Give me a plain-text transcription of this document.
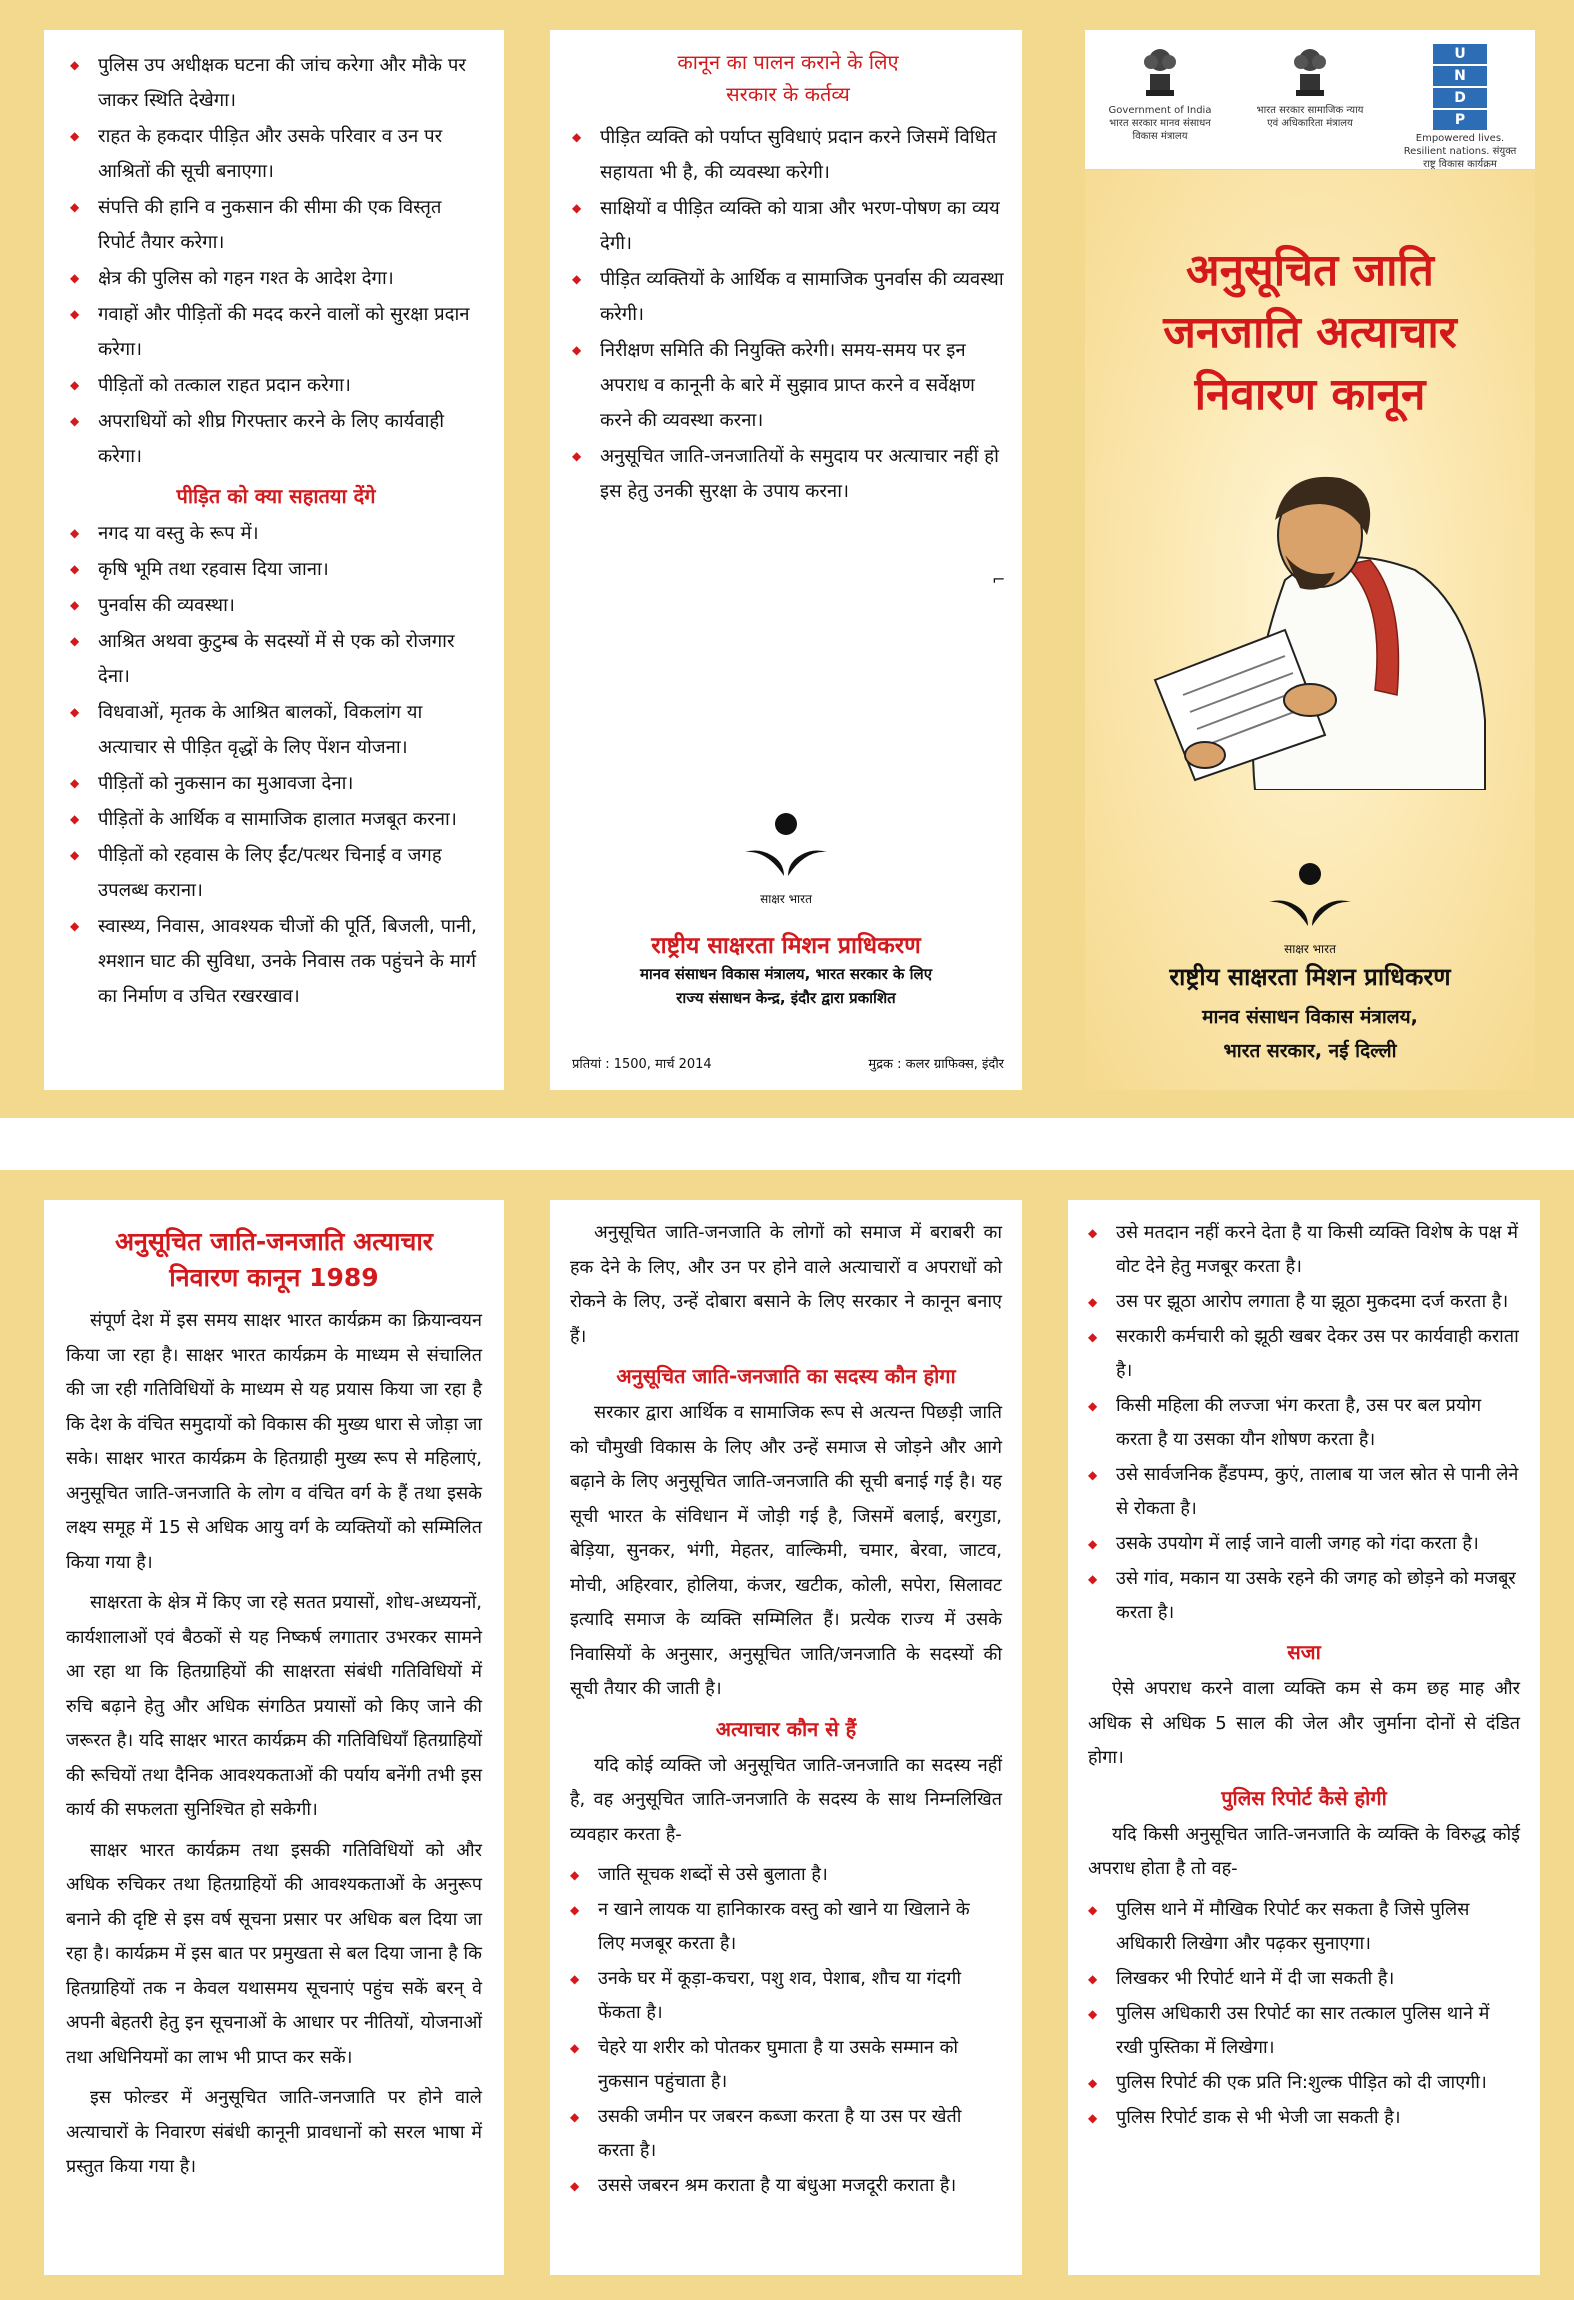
◆ पुलिस उप अधीक्षक घटना की जांच करेगा और मौके पर जाकर स्थिति देखेगा।
◆ राहत के हकदार पीड़ित और उसके परिवार व उन पर आश्रितों की सूची बनाएगा।
◆ संपत्ति की हानि व नुकसान की सीमा की एक विस्तृत रिपोर्ट तैयार करेगा।
◆ क्षेत्र की पुलिस को गहन गश्त के आदेश देगा।
◆ गवाहों और पीड़ितों की मदद करने वालों को सुरक्षा प्रदान करेगा।
◆ पीड़ितों को तत्काल राहत प्रदान करेगा।
◆ अपराधियों को शीघ्र गिरफ्तार करने के लिए कार्यवाही करेगा।
पीड़ित को क्या सहातया देंगे
◆ नगद या वस्तु के रूप में।
◆ कृषि भूमि तथा रहवास दिया जाना।
◆ पुनर्वास की व्यवस्था।
◆ आश्रित अथवा कुटुम्ब के सदस्यों में से एक को रोजगार देना।
◆ विधवाओं, मृतक के आश्रित बालकों, विकलांग या अत्याचार से पीड़ित वृद्धों के लिए पेंशन योजना।
◆ पीड़ितों को नुकसान का मुआवजा देना।
◆ पीड़ितों के आर्थिक व सामाजिक हालात मजबूत करना।
◆ पीड़ितों को रहवास के लिए ईंट/पत्थर चिनाई व जगह उपलब्ध कराना।
◆ स्वास्थ्य, निवास, आवश्यक चीजों की पूर्ति, बिजली, पानी, श्मशान घाट की सुविधा, उनके निवास तक पहुंचने के मार्ग का निर्माण व उचित रखरखाव।
कानून का पालन कराने के लिए
सरकार के कर्तव्य
◆ पीड़ित व्यक्ति को पर्याप्त सुविधाएं प्रदान करने जिसमें विधित सहायता भी है, की व्यवस्था करेगी।
◆ साक्षियों व पीड़ित व्यक्ति को यात्रा और भरण-पोषण का व्यय देगी।
◆ पीड़ित व्यक्तियों के आर्थिक व सामाजिक पुनर्वास की व्यवस्था करेगी।
◆ निरीक्षण समिति की नियुक्ति करेगी। समय-समय पर इन अपराध व कानूनी के बारे में सुझाव प्राप्त करने व सर्वेक्षण करने की व्यवस्था करना।
◆ अनुसूचित जाति-जनजातियों के समुदाय पर अत्याचार नहीं हो इस हेतु उनकी सुरक्षा के उपाय करना।
⌐
साक्षर भारत
राष्ट्रीय साक्षरता मिशन प्राधिकरण
मानव संसाधन विकास मंत्रालय, भारत सरकार के लिए
राज्य संसाधन केन्द्र, इंदौर द्वारा प्रकाशित
प्रतियां : 1500, मार्च 2014	मुद्रक : कलर ग्राफिक्स, इंदौर
Government of India भारत सरकार मानव संसाधन विकास मंत्रालय
भारत सरकार सामाजिक न्याय एवं अधिकारिता मंत्रालय
U
N
D
P
Empowered lives. Resilient nations. संयुक्त राष्ट्र विकास कार्यक्रम
अनुसूचित जाति
जनजाति अत्याचार
निवारण कानून
साक्षर भारत
राष्ट्रीय साक्षरता मिशन प्राधिकरण
मानव संसाधन विकास मंत्रालय,
भारत सरकार, नई दिल्ली
अनुसूचित जाति-जनजाति अत्याचार
निवारण कानून 1989

संपूर्ण देश में इस समय साक्षर भारत कार्यक्रम का क्रियान्वयन किया जा रहा है। साक्षर भारत कार्यक्रम के माध्यम से संचालित की जा रही गतिविधियों के माध्यम से यह प्रयास किया जा रहा है कि देश के वंचित समुदायों को विकास की मुख्य धारा से जोड़ा जा सके। साक्षर भारत कार्यक्रम के हितग्राही मुख्य रूप से महिलाएं, अनुसूचित जाति-जनजाति के लोग व वंचित वर्ग के हैं तथा इसके लक्ष्य समूह में 15 से अधिक आयु वर्ग के व्यक्तियों को सम्मिलित किया गया है।

साक्षरता के क्षेत्र में किए जा रहे सतत प्रयासों, शोध-अध्ययनों, कार्यशालाओं एवं बैठकों से यह निष्कर्ष लगातार उभरकर सामने आ रहा था कि हितग्राहियों की साक्षरता संबंधी गतिविधियों में रुचि बढ़ाने हेतु और अधिक संगठित प्रयासों को किए जाने की जरूरत है। यदि साक्षर भारत कार्यक्रम की गतिविधियाँ हितग्राहियों की रूचियों तथा दैनिक आवश्यकताओं की पर्याय बनेंगी तभी इस कार्य की सफलता सुनिश्चित हो सकेगी।

साक्षर भारत कार्यक्रम तथा इसकी गतिविधियों को और अधिक रुचिकर तथा हितग्राहियों की आवश्यकताओं के अनुरूप बनाने की दृष्टि से इस वर्ष सूचना प्रसार पर अधिक बल दिया जा रहा है। कार्यक्रम में इस बात पर प्रमुखता से बल दिया जाना है कि हितग्राहियों तक न केवल यथासमय सूचनाएं पहुंच सकें बरन् वे अपनी बेहतरी हेतु इन सूचनाओं के आधार पर नीतियों, योजनाओं तथा अधिनियमों का लाभ भी प्राप्त कर सकें।

इस फोल्डर में अनुसूचित जाति-जनजाति पर होने वाले अत्याचारों के निवारण संबंधी कानूनी प्रावधानों को सरल भाषा में प्रस्तुत किया गया है।

अनुसूचित जाति-जनजाति के लोगों को समाज में बराबरी का हक देने के लिए, और उन पर होने वाले अत्याचारों व अपराधों को रोकने के लिए, उन्हें दोबारा बसाने के लिए सरकार ने कानून बनाए हैं।

अनुसूचित जाति-जनजाति का सदस्य कौन होगा

सरकार द्वारा आर्थिक व सामाजिक रूप से अत्यन्त पिछड़ी जाति को चौमुखी विकास के लिए और उन्हें समाज से जोड़ने और आगे बढ़ाने के लिए अनुसूचित जाति-जनजाति की सूची बनाई गई है। यह सूची भारत के संविधान में जोड़ी गई है, जिसमें बलाई, बरगुडा, बेड़िया, सुनकर, भंगी, मेहतर, वाल्किमी, चमार, बेरवा, जाटव, मोची, अहिरवार, होलिया, कंजर, खटीक, कोली, सपेरा, सिलावट इत्यादि समाज के व्यक्ति सम्मिलित हैं। प्रत्येक राज्य में उसके निवासियों के अनुसार, अनुसूचित जाति/जनजाति के सदस्यों की सूची तैयार की जाती है।

अत्याचार कौन से हैं

यदि कोई व्यक्ति जो अनुसूचित जाति-जनजाति का सदस्य नहीं है, वह अनुसूचित जाति-जनजाति के सदस्य के साथ निम्नलिखित व्यवहार करता है-

◆ जाति सूचक शब्दों से उसे बुलाता है।
◆ न खाने लायक या हानिकारक वस्तु को खाने या खिलाने के लिए मजबूर करता है।
◆ उनके घर में कूड़ा-कचरा, पशु शव, पेशाब, शौच या गंदगी फेंकता है।
◆ चेहरे या शरीर को पोतकर घुमाता है या उसके सम्मान को नुकसान पहुंचाता है।
◆ उसकी जमीन पर जबरन कब्जा करता है या उस पर खेती करता है।
◆ उससे जबरन श्रम कराता है या बंधुआ मजदूरी कराता है।
◆ उसे मतदान नहीं करने देता है या किसी व्यक्ति विशेष के पक्ष में वोट देने हेतु मजबूर करता है।
◆ उस पर झूठा आरोप लगाता है या झूठा मुकदमा दर्ज करता है।
◆ सरकारी कर्मचारी को झूठी खबर देकर उस पर कार्यवाही कराता है।
◆ किसी महिला की लज्जा भंग करता है, उस पर बल प्रयोग करता है या उसका यौन शोषण करता है।
◆ उसे सार्वजनिक हैंडपम्प, कुएं, तालाब या जल स्रोत से पानी लेने से रोकता है।
◆ उसके उपयोग में लाई जाने वाली जगह को गंदा करता है।
◆ उसे गांव, मकान या उसके रहने की जगह को छोड़ने को मजबूर करता है।
सजा

ऐसे अपराध करने वाला व्यक्ति कम से कम छह माह और अधिक से अधिक 5 साल की जेल और जुर्माना दोनों से दंडित होगा।

पुलिस रिपोर्ट कैसे होगी

यदि किसी अनुसूचित जाति-जनजाति के व्यक्ति के विरुद्ध कोई अपराध होता है तो वह-

◆ पुलिस थाने में मौखिक रिपोर्ट कर सकता है जिसे पुलिस अधिकारी लिखेगा और पढ़कर सुनाएगा।
◆ लिखकर भी रिपोर्ट थाने में दी जा सकती है।
◆ पुलिस अधिकारी उस रिपोर्ट का सार तत्काल पुलिस थाने में रखी पुस्तिका में लिखेगा।
◆ पुलिस रिपोर्ट की एक प्रति नि:शुल्क पीड़ित को दी जाएगी।
◆ पुलिस रिपोर्ट डाक से भी भेजी जा सकती है।
